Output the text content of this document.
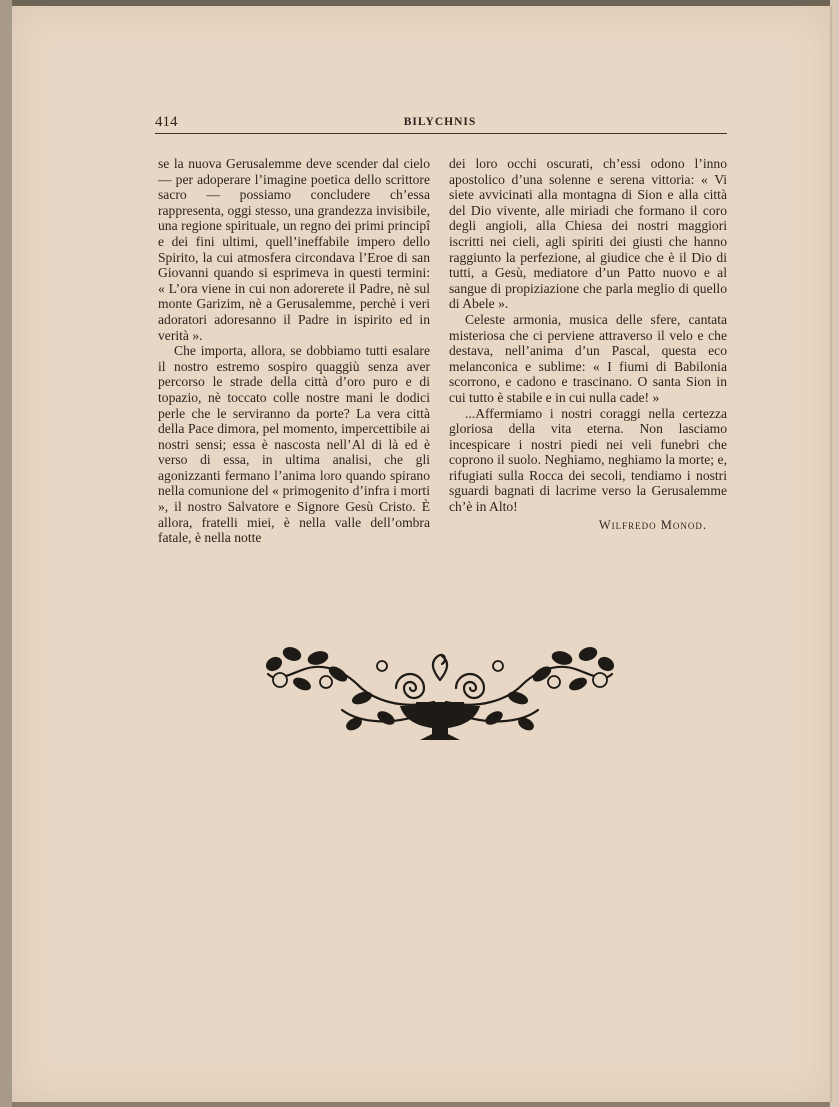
414	BILYCHNIS

se la nuova Gerusalemme deve scender dal cielo — per adoperare l’imagine poetica dello scrittore sacro — possiamo concludere ch’essa rappresenta, oggi stesso, una grandezza invisibile, una regione spirituale, un regno dei primi principî e dei fini ultimi, quell’ineffabile impero dello Spirito, la cui atmosfera circondava l’Eroe di san Giovanni quando si esprimeva in questi termini: « L’ora viene in cui non adorerete il Padre, nè sul monte Garizim, nè a Gerusalemme, perchè i veri adoratori adoresanno il Padre in ispirito ed in verità ».

Che importa, allora, se dobbiamo tutti esalare il nostro estremo sospiro quaggiù senza aver percorso le strade della città d’oro puro e di topazio, nè toccato colle nostre mani le dodici perle che le serviranno da porte? La vera città della Pace dimora, pel momento, impercettibile ai nostri sensi; essa è nascosta nell’Al di là ed è verso di essa, in ultima analisi, che gli agonizzanti fermano l’anima loro quando spirano nella comunione del « primogenito d’infra i morti », il nostro Salvatore e Signore Gesù Cristo. È allora, fratelli miei, è nella valle dell’ombra fatale, è nella notte

dei loro occhi oscurati, ch’essi odono l’inno apostolico d’una solenne e serena vittoria: « Vi siete avvicinati alla montagna di Sion e alla città del Dio vivente, alle miriadi che formano il coro degli angioli, alla Chiesa dei nostri maggiori iscritti nei cieli, agli spiriti dei giusti che hanno raggiunto la perfezione, al giudice che è il Dio di tutti, a Gesù, mediatore d’un Patto nuovo e al sangue di propiziazione che parla meglio di quello di Abele ».

Celeste armonia, musica delle sfere, cantata misteriosa che ci perviene attraverso il velo e che destava, nell’anima d’un Pascal, questa eco melanconica e sublime: « I fiumi di Babilonia scorrono, e cadono e trascinano. O santa Sion in cui tutto è stabile e in cui nulla cade! »

...Affermiamo i nostri coraggi nella certezza gloriosa della vita eterna. Non lasciamo incespicare i nostri piedi nei veli funebri che coprono il suolo. Neghiamo, neghiamo la morte; e, rifugiati sulla Rocca dei secoli, tendiamo i nostri sguardi bagnati di lacrime verso la Gerusalemme ch’è in Alto!

Wilfredo Monod.
